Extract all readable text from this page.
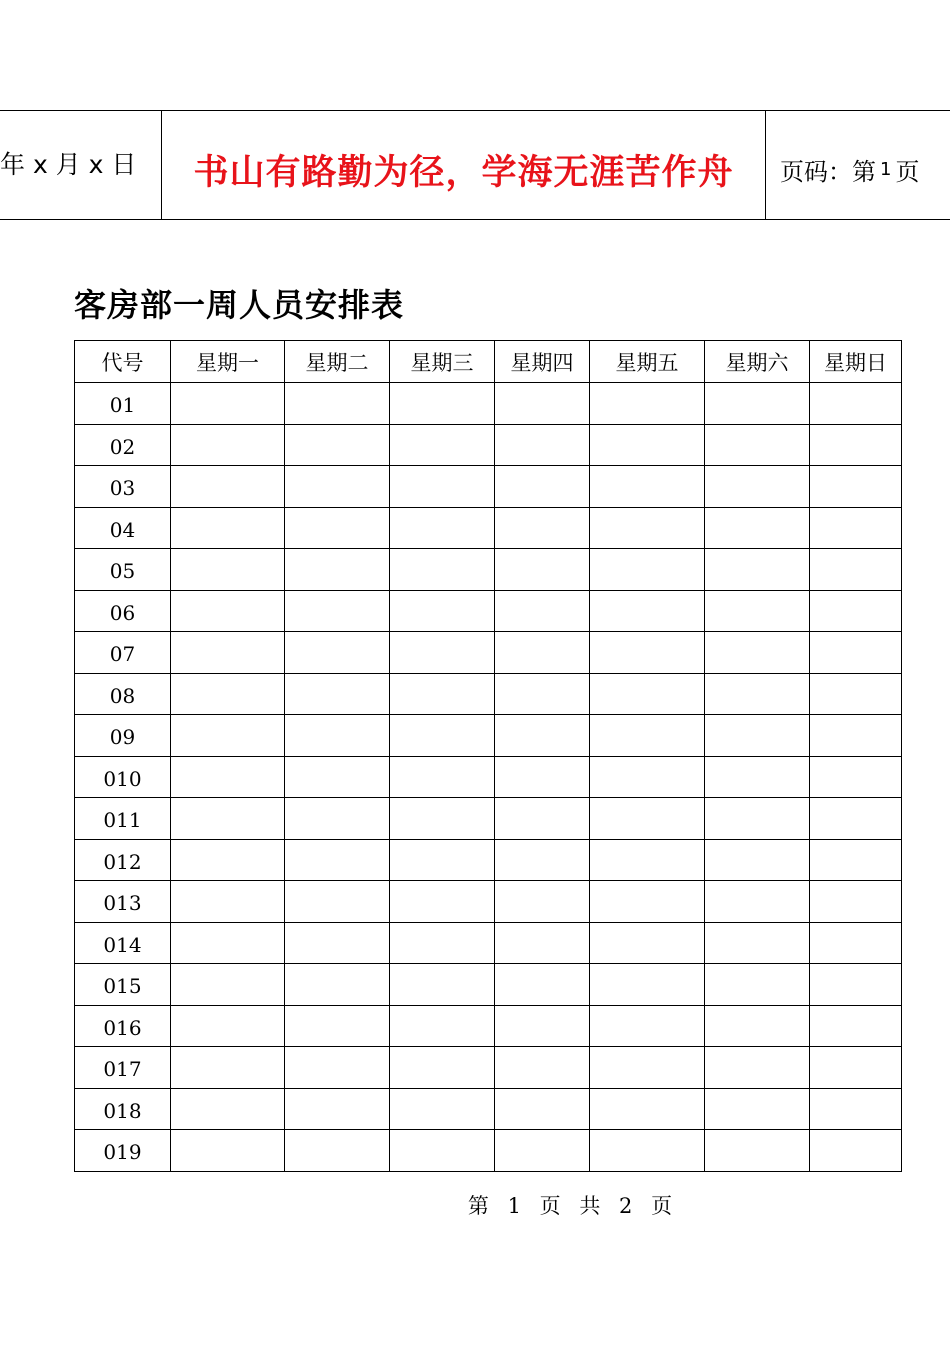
年 x 月 x 日 书山有路勤为径，学海无涯苦作舟 页码：第 1 页
客房部一周人员安排表
代号	星期一	星期二	星期三	星期四	星期五	星期六	星期日
01							
02							
03							
04							
05							
06							
07							
08							
09							
010							
011							
012							
013							
014							
015							
016							
017							
018							
019							
第 1 页 共 2 页
